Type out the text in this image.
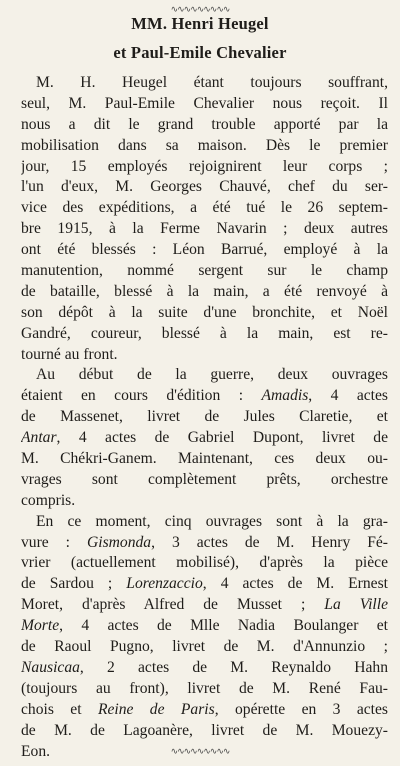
∿∿∿∿∿∿∿∿∿
MM. Henri Heugel
et Paul-Emile Chevalier
M. H. Heugel étant toujours souffrant,
seul, M. Paul-Emile Chevalier nous reçoit. Il
nous a dit le grand trouble apporté par la
mobilisation dans sa maison. Dès le premier
jour, 15 employés rejoignirent leur corps ;
l'un d'eux, M. Georges Chauvé, chef du ser-
vice des expéditions, a été tué le 26 septem-
bre 1915, à la Ferme Navarin ; deux autres
ont été blessés : Léon Barrué, employé à la
manutention, nommé sergent sur le champ
de bataille, blessé à la main, a été renvoyé à
son dépôt à la suite d'une bronchite, et Noël
Gandré, coureur, blessé à la main, est re-
tourné au front.
Au début de la guerre, deux ouvrages
étaient en cours d'édition : Amadis, 4 actes
de Massenet, livret de Jules Claretie, et
Antar, 4 actes de Gabriel Dupont, livret de
M. Chékri-Ganem. Maintenant, ces deux ou-
vrages sont complètement prêts, orchestre
compris.
En ce moment, cinq ouvrages sont à la gra-
vure : Gismonda, 3 actes de M. Henry Fé-
vrier (actuellement mobilisé), d'après la pièce
de Sardou ; Lorenzaccio, 4 actes de M. Ernest
Moret, d'après Alfred de Musset ; La Ville
Morte, 4 actes de Mlle Nadia Boulanger et
de Raoul Pugno, livret de M. d'Annunzio ;
Nausicaa, 2 actes de M. Reynaldo Hahn
(toujours au front), livret de M. René Fau-
chois et Reine de Paris, opérette en 3 actes
de M. de Lagoanère, livret de M. Mouezy-
Eon.	∿∿∿∿∿∿∿∿∿
